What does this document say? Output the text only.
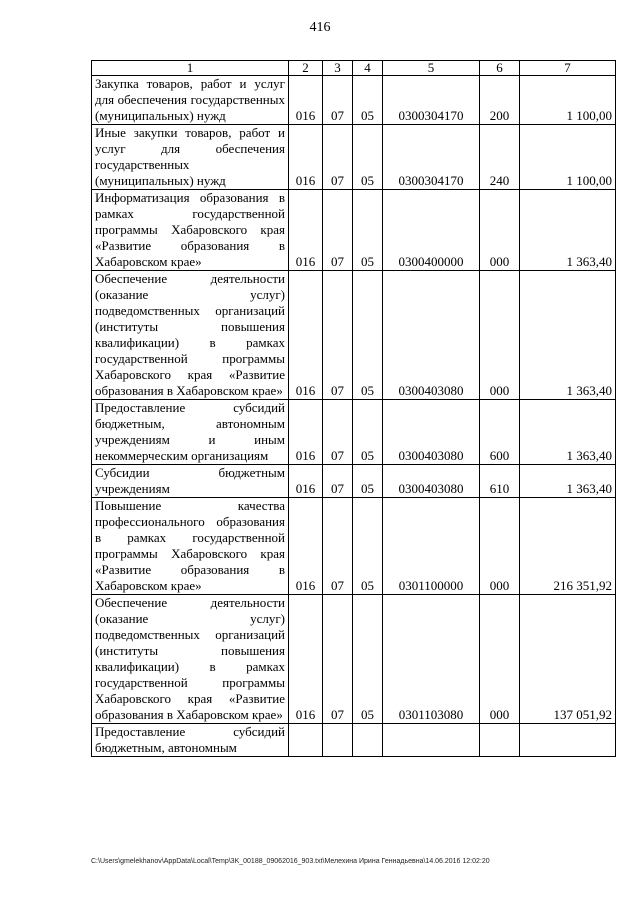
416
1	2	3	4	5	6	7
Закупка товаров, работ и услуг для обеспечения государственных (муниципальных) нужд	016	07	05	0300304170	200	1 100,00
Иные закупки товаров, работ и услуг для обеспечения государственных (муниципальных) нужд	016	07	05	0300304170	240	1 100,00
Информатизация образования в рамках государственной программы Хабаровского края «Развитие образования в Хабаровском крае»	016	07	05	0300400000	000	1 363,40
Обеспечение деятельности (оказание услуг) подведомственных организаций (институты повышения квалификации) в рамках государственной программы Хабаровского края «Развитие образования в Хабаровском крае»	016	07	05	0300403080	000	1 363,40
Предоставление субсидий бюджетным, автономным учреждениям и иным некоммерческим организациям	016	07	05	0300403080	600	1 363,40
Субсидии бюджетным учреждениям	016	07	05	0300403080	610	1 363,40
Повышение качества профессионального образования в рамках государственной программы Хабаровского края «Развитие образования в Хабаровском крае»	016	07	05	0301100000	000	216 351,92
Обеспечение деятельности (оказание услуг) подведомственных организаций (институты повышения квалификации) в рамках государственной программы Хабаровского края «Развитие образования в Хабаровском крае»	016	07	05	0301103080	000	137 051,92
Предоставление субсидий бюджетным, автономным						
C:\Users\gmelekhanov\AppData\Local\Temp\3K_00188_09062016_903.txt\Мелехина Ирина Геннадьевна\14.06.2016 12:02:20
